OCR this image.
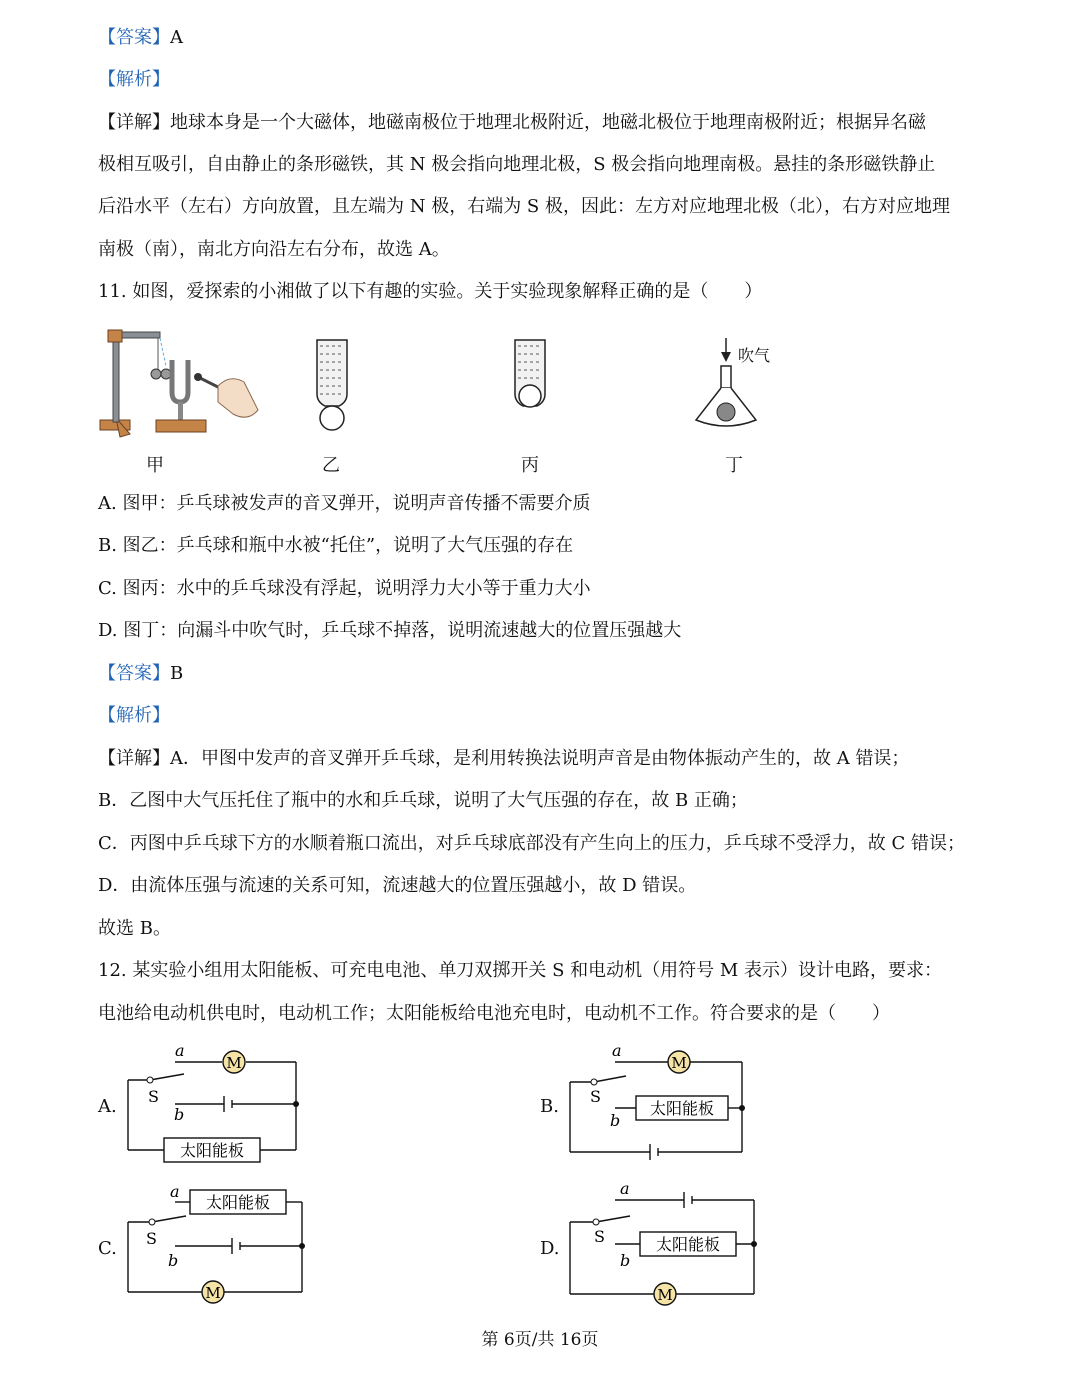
【答案】A
【解析】
【详解】地球本身是一个大磁体，地磁南极位于地理北极附近，地磁北极位于地理南极附近；根据异名磁
极相互吸引，自由静止的条形磁铁，其 N 极会指向地理北极，S 极会指向地理南极。悬挂的条形磁铁静止
后沿水平（左右）方向放置，且左端为 N 极，右端为 S 极，因此：左方对应地理北极（北），右方对应地理
南极（南），南北方向沿左右分布，故选 A。
11. 如图，爱探索的小湘做了以下有趣的实验。关于实验现象解释正确的是（　　）
甲	乙	丙
吹气
丁
A. 图甲：乒乓球被发声的音叉弹开，说明声音传播不需要介质
B. 图乙：乒乓球和瓶中水被“托住”，说明了大气压强的存在
C. 图丙：水中的乒乓球没有浮起，说明浮力大小等于重力大小
D. 图丁：向漏斗中吹气时，乒乓球不掉落，说明流速越大的位置压强越大
【答案】B
【解析】
【详解】A．甲图中发声的音叉弹开乒乓球，是利用转换法说明声音是由物体振动产生的，故 A 错误；
B．乙图中大气压托住了瓶中的水和乒乓球，说明了大气压强的存在，故 B 正确；
C．丙图中乒乓球下方的水顺着瓶口流出，对乒乓球底部没有产生向上的压力，乒乓球不受浮力，故 C 错误；
D．由流体压强与流速的关系可知，流速越大的位置压强越小，故 D 错误。
故选 B。
12. 某实验小组用太阳能板、可充电电池、单刀双掷开关 S 和电动机（用符号 M 表示）设计电路，要求：
电池给电动机供电时，电动机工作；太阳能板给电池充电时，电动机不工作。符合要求的是（　　）
A.
M
a
S
b
太阳能板
B.
M
a
S
b
太阳能板
C.
M
a
S
b
太阳能板
D.
M
a
S
b
太阳能板
第 6页/共 16页
